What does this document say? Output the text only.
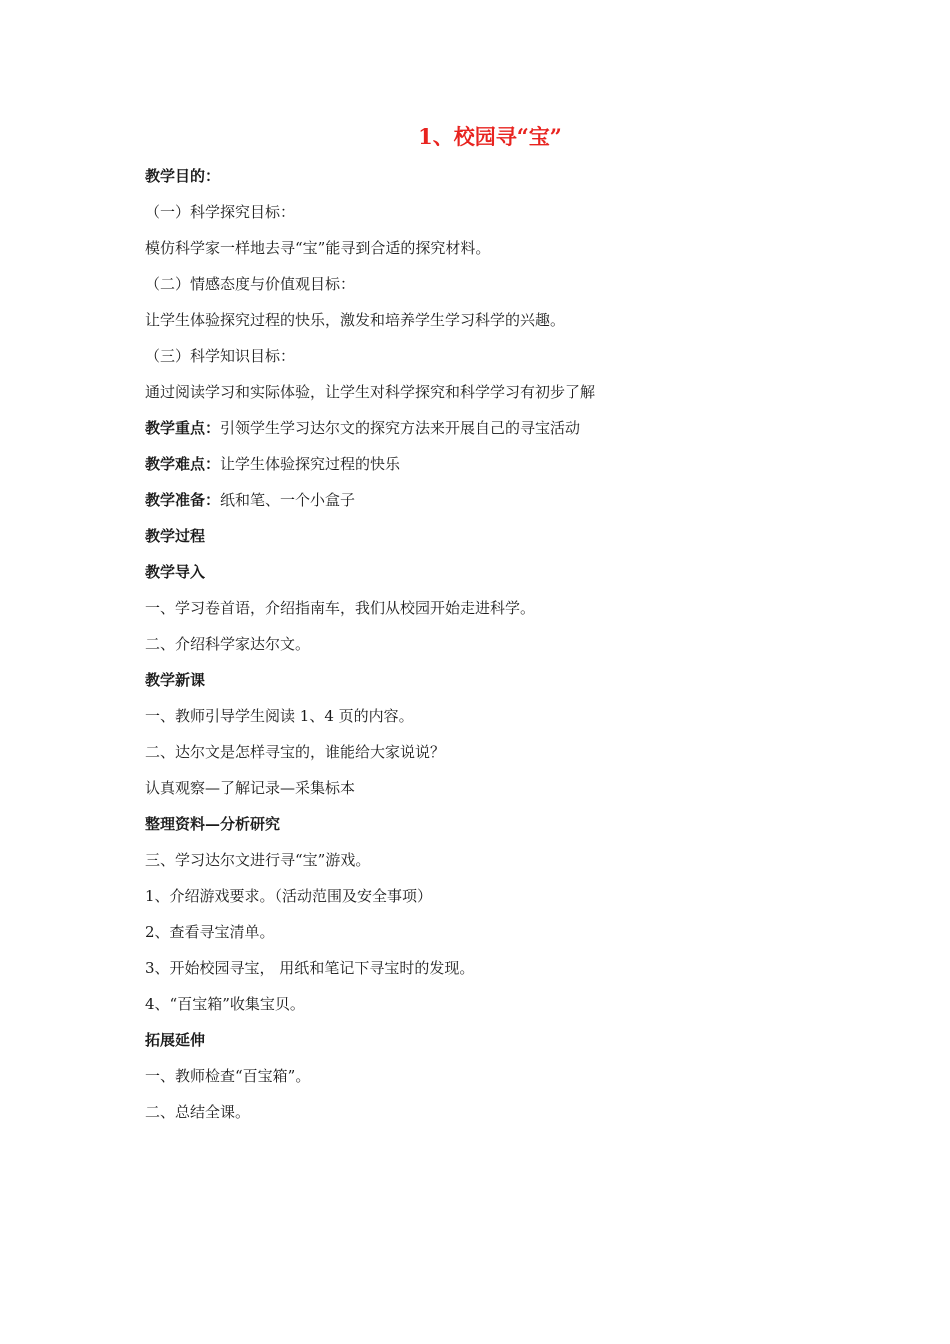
1、校园寻“宝”
教学目的：
（一）科学探究目标：
模仿科学家一样地去寻“宝”能寻到合适的探究材料。
（二）情感态度与价值观目标：
让学生体验探究过程的快乐，激发和培养学生学习科学的兴趣。
（三）科学知识目标：
通过阅读学习和实际体验，让学生对科学探究和科学学习有初步了解
教学重点：引领学生学习达尔文的探究方法来开展自己的寻宝活动
教学难点：让学生体验探究过程的快乐
教学准备：纸和笔、一个小盒子
教学过程
教学导入
一、学习卷首语，介绍指南车，我们从校园开始走进科学。
二、介绍科学家达尔文。
教学新课
一、教师引导学生阅读 1、4 页的内容。
二、达尔文是怎样寻宝的，谁能给大家说说？
认真观察—了解记录—采集标本
整理资料—分析研究
三、学习达尔文进行寻“宝”游戏。
1、介绍游戏要求。（活动范围及安全事项）
2、查看寻宝清单。
3、开始校园寻宝， 用纸和笔记下寻宝时的发现。
4、“百宝箱”收集宝贝。
拓展延伸
一、教师检查“百宝箱”。
二、总结全课。
